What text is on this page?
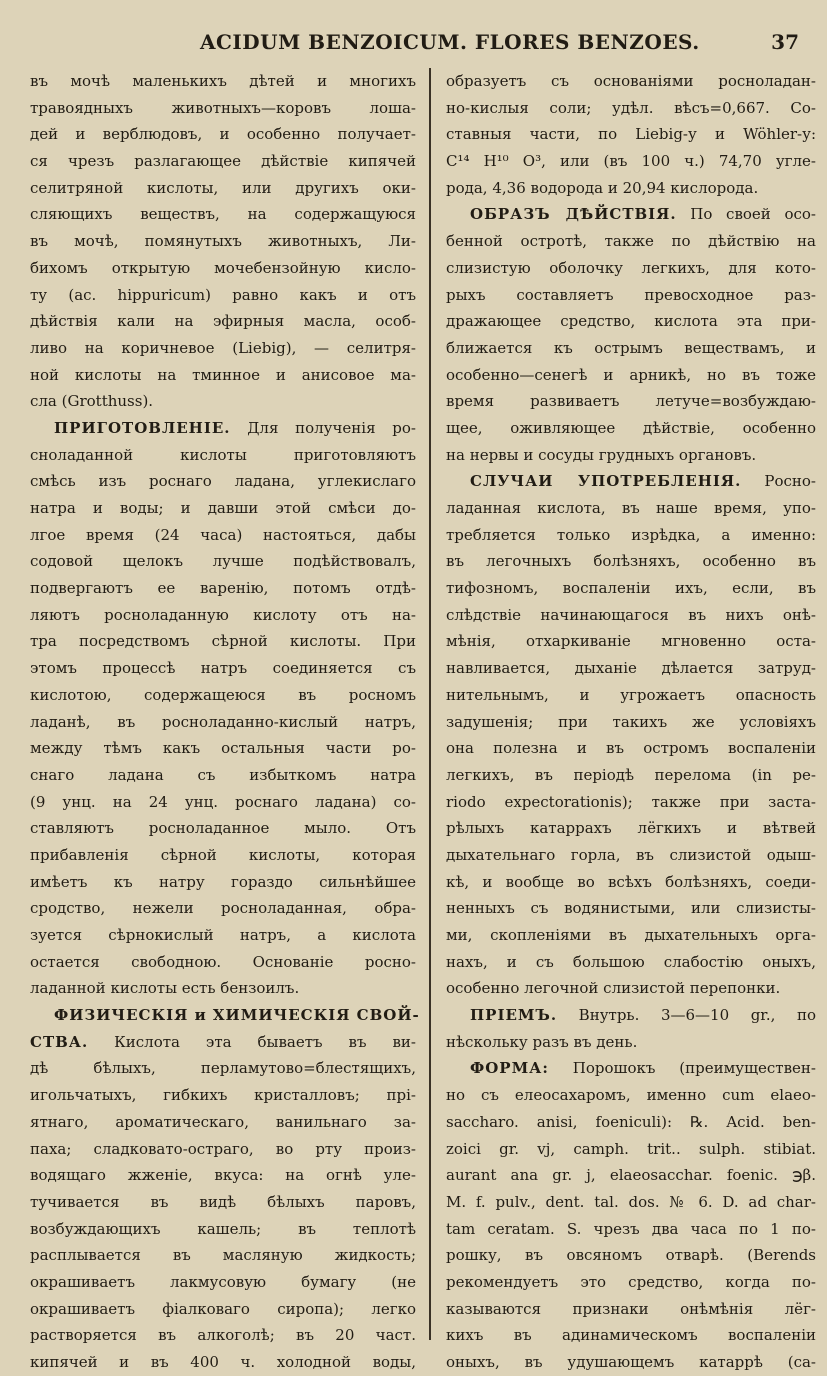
ACIDUM BENZOICUM. FLORES BENZOES.	37
въ мочѣ маленькихъ дѣтей и многихъ
травоядныхъ животныхъ—коровъ лоша-
дей и верблюдовъ, и особенно получает-
ся чрезъ разлагающее дѣйствіе кипячей
селитряной кислоты, или другихъ оки-
сляющихъ веществъ, на содержащуюся
въ мочѣ, помянутыхъ животныхъ, Ли-
бихомъ открытую мочебензойную кисло-
ту (ac. hippuricum) равно какъ и отъ
дѣйствія кали на эфирныя масла, особ-
ливо на коричневое (Liebig), — селитря-
ной кислоты на тминное и анисовое ма-
сла (Grotthuss).
ПРИГОТОВЛЕНІЕ. Для полученія ро-
сноладанной кислоты приготовляютъ
смѣсь изъ роснаго ладана, углекислаго
натра и воды; и давши этой смѣси до-
лгое время (24 часа) настояться, дабы
содовой щелокъ лучше подѣйствовалъ,
подвергаютъ ее варенію, потомъ отдѣ-
ляютъ росноладанную кислоту отъ на-
тра посредствомъ сѣрной кислоты. При
этомъ процессѣ натръ соединяется съ
кислотою, содержащеюся въ росномъ
ладанѣ, въ росноладанно-кислый натръ,
между тѣмъ какъ остальныя части ро-
снаго ладана съ избыткомъ натра
(9 унц. на 24 унц. роснаго ладана) со-
ставляютъ росноладанное мыло. Отъ
прибавленія сѣрной кислоты, которая
имѣетъ къ натру гораздо сильнѣйшее
сродство, нежели росноладанная, обра-
зуется сѣрнокислый натръ, а кислота
остается свободною. Основаніе росно-
ладанной кислоты есть бензоилъ.
ФИЗИЧЕСКІЯ и ХИМИЧЕСКІЯ СВОЙ-
СТВА. Кислота эта бываетъ въ ви-
дѣ бѣлыхъ, перламутово=блестящихъ,
игольчатыхъ, гибкихъ кристалловъ; прі-
ятнаго, ароматическаго, ванильнаго за-
паха; сладковато-остраго, во рту произ-
водящаго жженіе, вкуса: на огнѣ уле-
тучивается въ видѣ бѣлыхъ паровъ,
возбуждающихъ кашель; въ теплотѣ
расплывается въ масляную жидкость;
окрашиваетъ лакмусовую бумагу (не
окрашиваетъ фіалковаго сиропа); легко
растворяется въ алкоголѣ; въ 20 част.
кипячей и въ 400 ч. холодной воды,
образуетъ съ основаніями росноладан-
но-кислыя соли; удѣл. вѣсъ=0,667. Со-
ставныя части, по Liebig-у и Wöhler-у:
C¹⁴ H¹⁰ O³, или (въ 100 ч.) 74,70 угле-
рода, 4,36 водорода и 20,94 кислорода.
ОБРАЗЪ ДѢЙСТВІЯ. По своей осо-
бенной остротѣ, также по дѣйствію на
слизистую оболочку легкихъ, для кото-
рыхъ составляетъ превосходное раз-
дражающее средство, кислота эта при-
ближается къ острымъ веществамъ, и
особенно—сенегѣ и арникѣ, но въ тоже
время развиваетъ летуче=возбуждаю-
щее, оживляющее дѣйствіе, особенно
на нервы и сосуды грудныхъ органовъ.
СЛУЧАИ УПОТРЕБЛЕНІЯ. Росно-
ладанная кислота, въ наше время, упо-
требляется только изрѣдка, а именно:
въ легочныхъ болѣзняхъ, особенно въ
тифозномъ, воспаленіи ихъ, если, въ
слѣдствіе начинающагося въ нихъ онѣ-
мѣнія, отхаркиваніе мгновенно оста-
навливается, дыханіе дѣлается затруд-
нительнымъ, и угрожаетъ опасность
задушенія; при такихъ же условіяхъ
она полезна и въ остромъ воспаленіи
легкихъ, въ періодѣ перелома (in pe-
riodo expectorationis); также при заста-
рѣлыхъ катаррахъ лёгкихъ и вѣтвей
дыхательнаго горла, въ слизистой одыш-
кѣ, и вообще во всѣхъ болѣзняхъ, соеди-
ненныхъ съ водянистыми, или слизисты-
ми, скопленіями въ дыхательныхъ орга-
нахъ, и съ большою слабостію оныхъ,
особенно легочной слизистой перепонки.
ПРІЕМЪ. Внутрь. 3—6—10 gr., по
нѣскольку разъ въ день.
ФОРМА: Порошокъ (преимуществен-
но съ елеосахаромъ, именно cum elaeo-
saccharo. anisi, foeniculi): ℞. Acid. ben-
zoici gr. vj, camph. trit.. sulph. stibiat.
aurant ana gr. j, elaeosacchar. foenic. ℈β.
M. f. pulv., dent. tal. dos. № 6. D. ad char-
tam ceratam. S. чрезъ два часа по 1 по-
рошку, въ овсяномъ отварѣ. (Berends
рекомендуетъ это средство, когда по-
казываются признаки онѣмѣнія лёг-
кихъ въ адинамическомъ воспаленіи
оныхъ, въ удушающемъ катаррѣ (са-
